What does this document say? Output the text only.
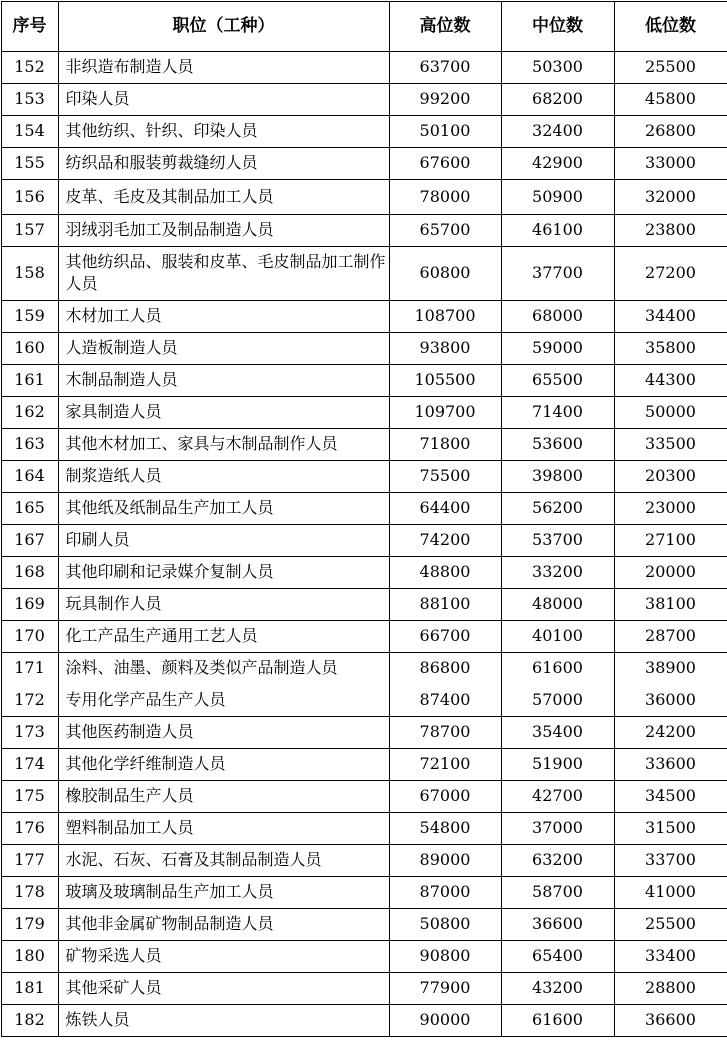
序号	职位（工种）	高位数	中位数	低位数
152	非织造布制造人员	63700	50300	25500
153	印染人员	99200	68200	45800
154	其他纺织、针织、印染人员	50100	32400	26800
155	纺织品和服装剪裁缝纫人员	67600	42900	33000
156	皮革、毛皮及其制品加工人员	78000	50900	32000
157	羽绒羽毛加工及制品制造人员	65700	46100	23800
158	其他纺织品、服装和皮革、毛皮制品加工制作人员	60800	37700	27200
159	木材加工人员	108700	68000	34400
160	人造板制造人员	93800	59000	35800
161	木制品制造人员	105500	65500	44300
162	家具制造人员	109700	71400	50000
163	其他木材加工、家具与木制品制作人员	71800	53600	33500
164	制浆造纸人员	75500	39800	20300
165	其他纸及纸制品生产加工人员	64400	56200	23000
167	印刷人员	74200	53700	27100
168	其他印刷和记录媒介复制人员	48800	33200	20000
169	玩具制作人员	88100	48000	38100
170	化工产品生产通用工艺人员	66700	40100	28700
171	涂料、油墨、颜料及类似产品制造人员	86800	61600	38900
172	专用化学产品生产人员	87400	57000	36000
173	其他医药制造人员	78700	35400	24200
174	其他化学纤维制造人员	72100	51900	33600
175	橡胶制品生产人员	67000	42700	34500
176	塑料制品加工人员	54800	37000	31500
177	水泥、石灰、石膏及其制品制造人员	89000	63200	33700
178	玻璃及玻璃制品生产加工人员	87000	58700	41000
179	其他非金属矿物制品制造人员	50800	36600	25500
180	矿物采选人员	90800	65400	33400
181	其他采矿人员	77900	43200	28800
182	炼铁人员	90000	61600	36600
